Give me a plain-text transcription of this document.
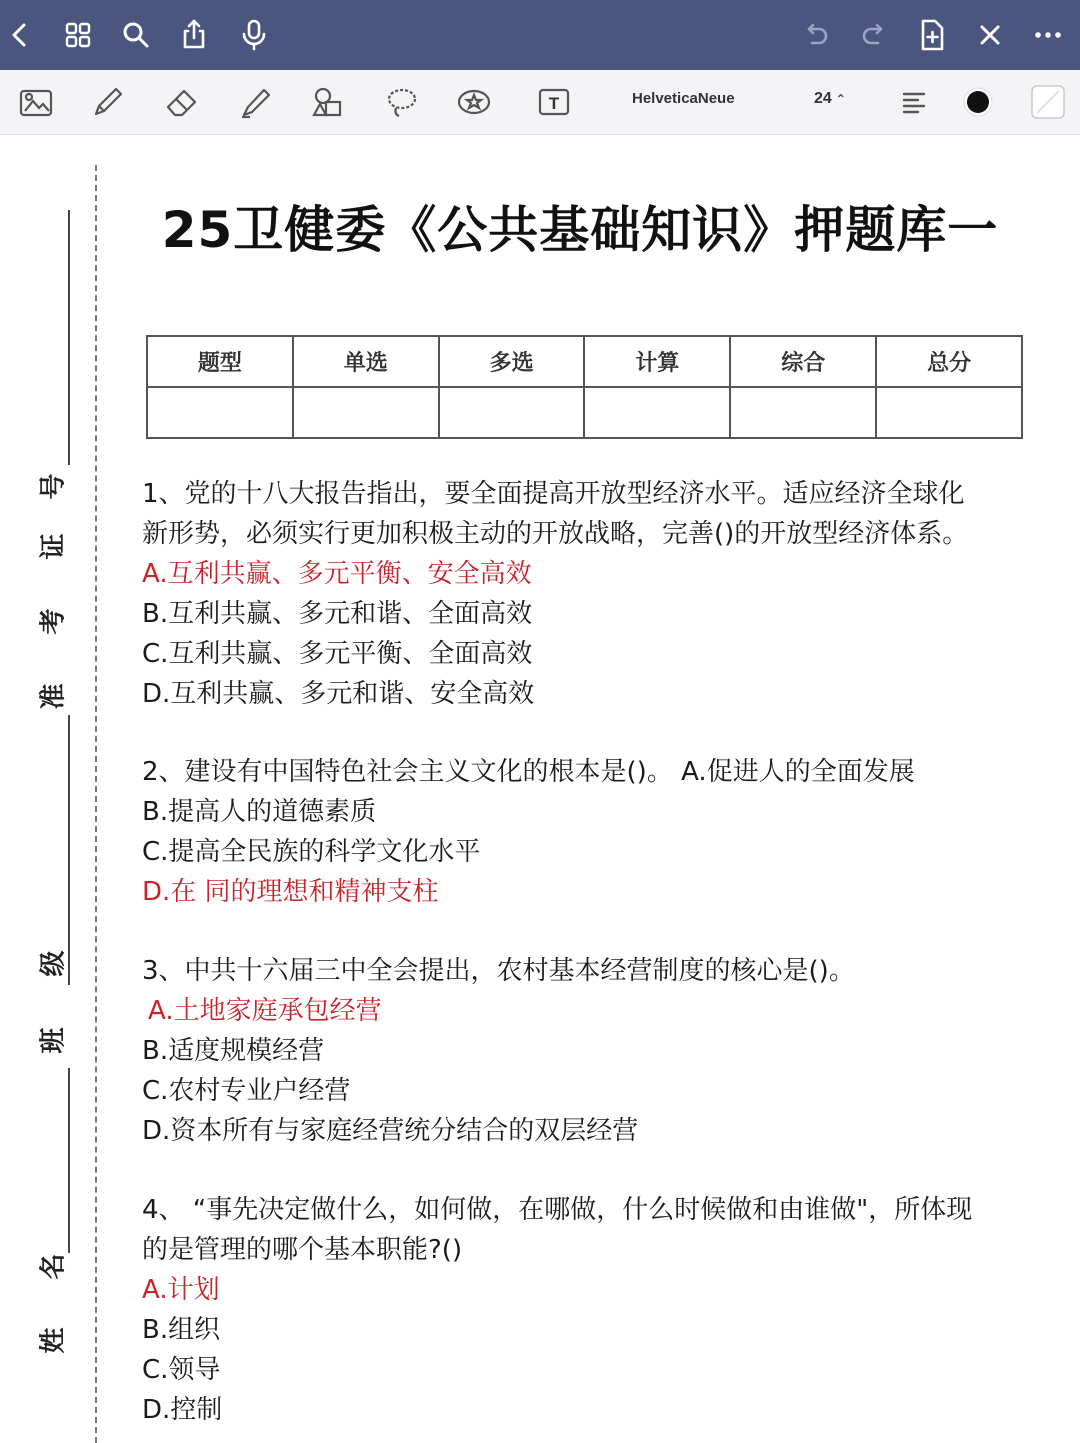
T	HelveticaNeue	24 ⌃
准
考
证
号
班
级
姓
名
25卫健委《公共基础知识》押题库一
题型	单选	多选	计算	综合	总分

1、党的十八大报告指出，要全面提高开放型经济水平。适应经济全球化
新形势，必须实行更加积极主动的开放战略，完善()的开放型经济体系。
A.互利共赢、多元平衡、安全高效
B.互利共赢、多元和谐、全面高效
C.互利共赢、多元平衡、全面高效
D.互利共赢、多元和谐、安全高效
2、建设有中国特色社会主义文化的根本是()。 A.促进人的全面发展
B.提高人的道德素质
C.提高全民族的科学文化水平
D.在 同的理想和精神支柱
3、中共十六届三中全会提出，农村基本经营制度的核心是()。
A.土地家庭承包经营
B.适度规模经营
C.农村专业户经营
D.资本所有与家庭经营统分结合的双层经营
4、 “事先决定做什么，如何做，在哪做，什么时候做和由谁做"，所体现
的是管理的哪个基本职能?()
A.计划
B.组织
C.领导
D.控制
